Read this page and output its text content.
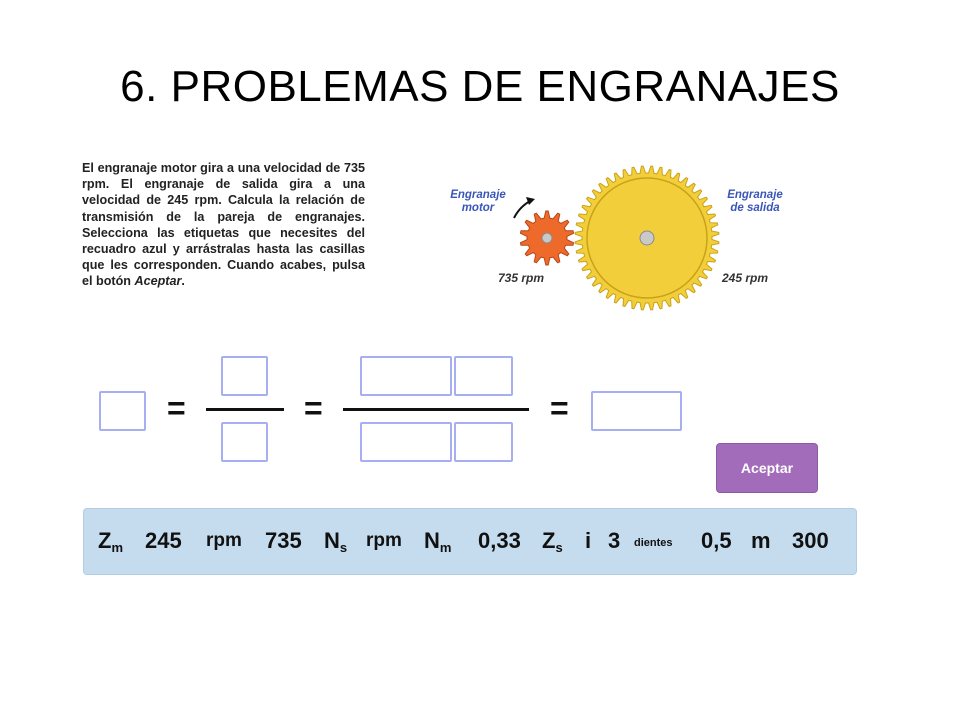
6. PROBLEMAS DE ENGRANAJES
El engranaje motor gira a una velocidad de 735 rpm. El engranaje de salida gira a una velocidad de 245 rpm. Calcula la relación de transmisión de la pareja de engranajes. Selecciona las etiquetas que necesites del recuadro azul y arrástralas hasta las casillas que les corresponden. Cuando acabes, pulsa el botón Aceptar.
Engranaje
motor
Engranaje
de salida
735 rpm	245 rpm
=	=	=
Aceptar
$Z_m$ 245 rpm 735 $N_s$ rpm $N_m$ 0,33 $Z_s$ i 3 dientes 0,5 m 300
